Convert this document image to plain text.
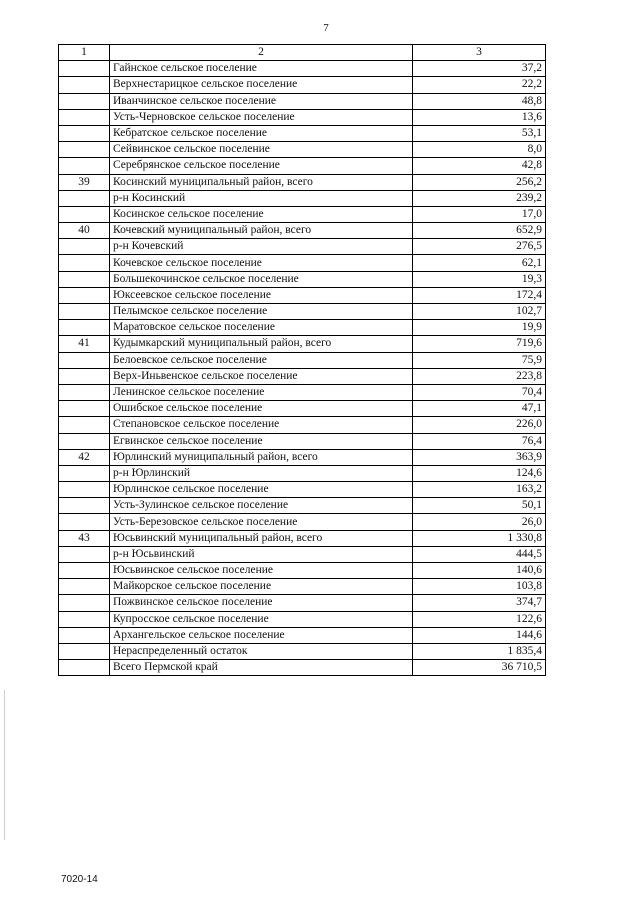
7
1	2	3
	Гайнское сельское поселение	37,2
	Верхнестарицкое сельское поселение	22,2
	Иванчинское сельское поселение	48,8
	Усть-Черновское сельское поселение	13,6
	Кебратское сельское поселение	53,1
	Сейвинское сельское поселение	8,0
	Серебрянское сельское поселение	42,8
39	Косинский муниципальный район, всего	256,2
	р-н Косинский	239,2
	Косинское сельское поселение	17,0
40	Кочевский муниципальный район, всего	652,9
	р-н Кочевский	276,5
	Кочевское сельское поселение	62,1
	Большекочинское сельское поселение	19,3
	Юксеевское сельское поселение	172,4
	Пелымское сельское поселение	102,7
	Маратовское сельское поселение	19,9
41	Кудымкарский муниципальный район, всего	719,6
	Белоевское сельское поселение	75,9
	Верх-Иньвенское сельское поселение	223,8
	Ленинское сельское поселение	70,4
	Ошибское сельское поселение	47,1
	Степановское сельское поселение	226,0
	Егвинское сельское поселение	76,4
42	Юрлинский муниципальный район, всего	363,9
	р-н Юрлинский	124,6
	Юрлинское сельское поселение	163,2
	Усть-Зулинское сельское поселение	50,1
	Усть-Березовское сельское поселение	26,0
43	Юсьвинский муниципальный район, всего	1 330,8
	р-н Юсьвинский	444,5
	Юсьвинское сельское поселение	140,6
	Майкорское сельское поселение	103,8
	Пожвинское сельское поселение	374,7
	Купросское сельское поселение	122,6
	Архангельское сельское поселение	144,6
	Нераспределенный остаток	1 835,4
	Всего Пермской край	36 710,5
7020-14
